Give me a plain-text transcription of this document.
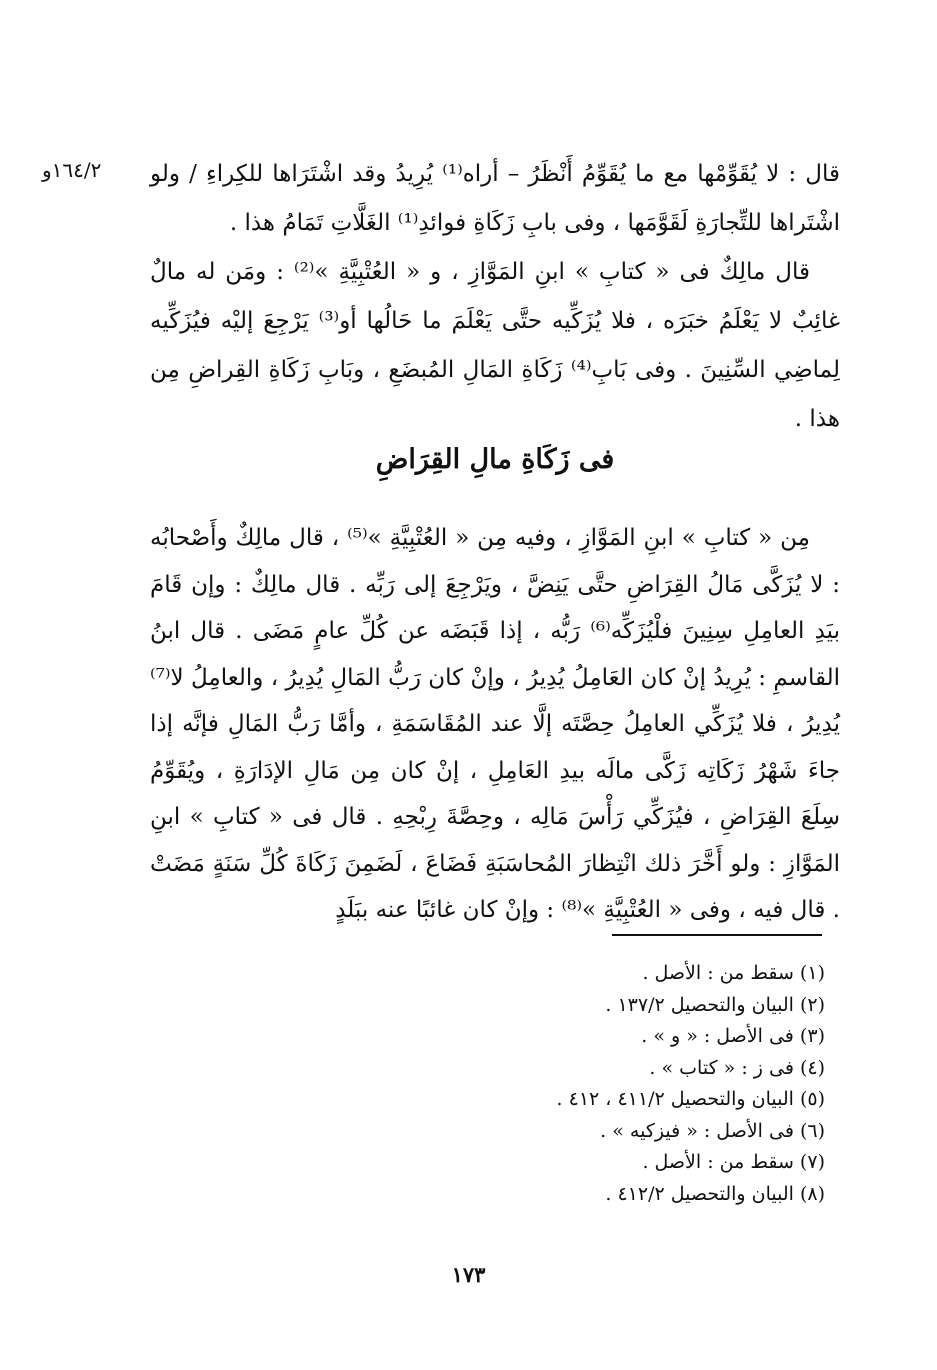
١٦٤/٢و	قال : لا يُقَوِّمْها مع ما يُقَوِّمُ أَنْظَرُ – أراه⁽¹⁾ يُرِيدُ وقد اشْتَرَاها للكِراءِ / ولو اشْتَراها للتِّجارَةِ لَقَوَّمَها ، وفى بابِ زَكَاةِ فوائدِ⁽¹⁾ الغَلَّاتِ تَمَامُ هذا .

قال مالِكٌ فى « كتابِ » ابنِ المَوَّازِ ، و « العُتْبِيَّةِ »⁽²⁾ : ومَن له مالٌ غائِبٌ لا يَعْلَمُ خبَرَه ، فلا يُزَكِّيه حتَّى يَعْلَمَ ما حَالُها أو⁽³⁾ يَرْجِعَ إليْه فيُزَكِّيه لِماضِي السِّنِينَ . وفى بَابِ⁽⁴⁾ زَكَاةِ المَالِ المُبضَعِ ، وبَابِ زَكَاةِ القِراضِ مِن هذا .

فى زَكَاةِ مالِ القِرَاضِ

مِن « كتابِ » ابنِ المَوَّازِ ، وفيه مِن « العُتْبِيَّةِ »⁽⁵⁾ ، قال مالِكٌ وأَصْحابُه : لا يُزَكَّى مَالُ القِرَاضِ حتَّى يَنِضَّ ، ويَرْجِعَ إلى رَبِّه . قال مالِكٌ : وإن قَامَ بيَدِ العامِلِ سِنِينَ فلْيُزَكِّه⁽⁶⁾ رَبُّه ، إذا قَبَضَه عن كُلِّ عامٍ مَضَى . قال ابنُ القاسمِ : يُرِيدُ إنْ كان العَامِلُ يُدِيرُ ، وإنْ كان رَبُّ المَالِ يُدِيرُ ، والعامِلُ لا⁽⁷⁾ يُدِيرُ ، فلا يُزَكِّي العامِلُ حِصَّتَه إلَّا عند المُقَاسَمَةِ ، وأمَّا رَبُّ المَالِ فإنَّه إذا جاءَ شَهْرُ زَكَاتِه زَكَّى مالَه بيدِ العَامِلِ ، إنْ كان مِن مَالِ الإدَارَةِ ، ويُقَوِّمُ سِلَعَ القِرَاضِ ، فيُزَكِّي رَأْسَ مَالِه ، وحِصَّةَ رِبْحِهِ . قال فى « كتابِ » ابنِ المَوَّازِ : ولو أَخَّرَ ذلك انْتِظارَ المُحاسَبَةِ فَضَاعَ ، لَضَمِنَ زَكَاةَ كُلِّ سَنَةٍ مَضَتْ . قال فيه ، وفى « العُتْبِيَّةِ »⁽⁸⁾ : وإنْ كان غائبًا عنه ببَلَدٍ

(١) سقط من : الأصل .
(٢) البيان والتحصيل ١٣٧/٢ .
(٣) فى الأصل : « و » .
(٤) فى ز : « كتاب » .
(٥) البيان والتحصيل ٤١١/٢ ، ٤١٢ .
(٦) فى الأصل : « فيزكيه » .
(٧) سقط من : الأصل .
(٨) البيان والتحصيل ٤١٢/٢ .
١٧٣
